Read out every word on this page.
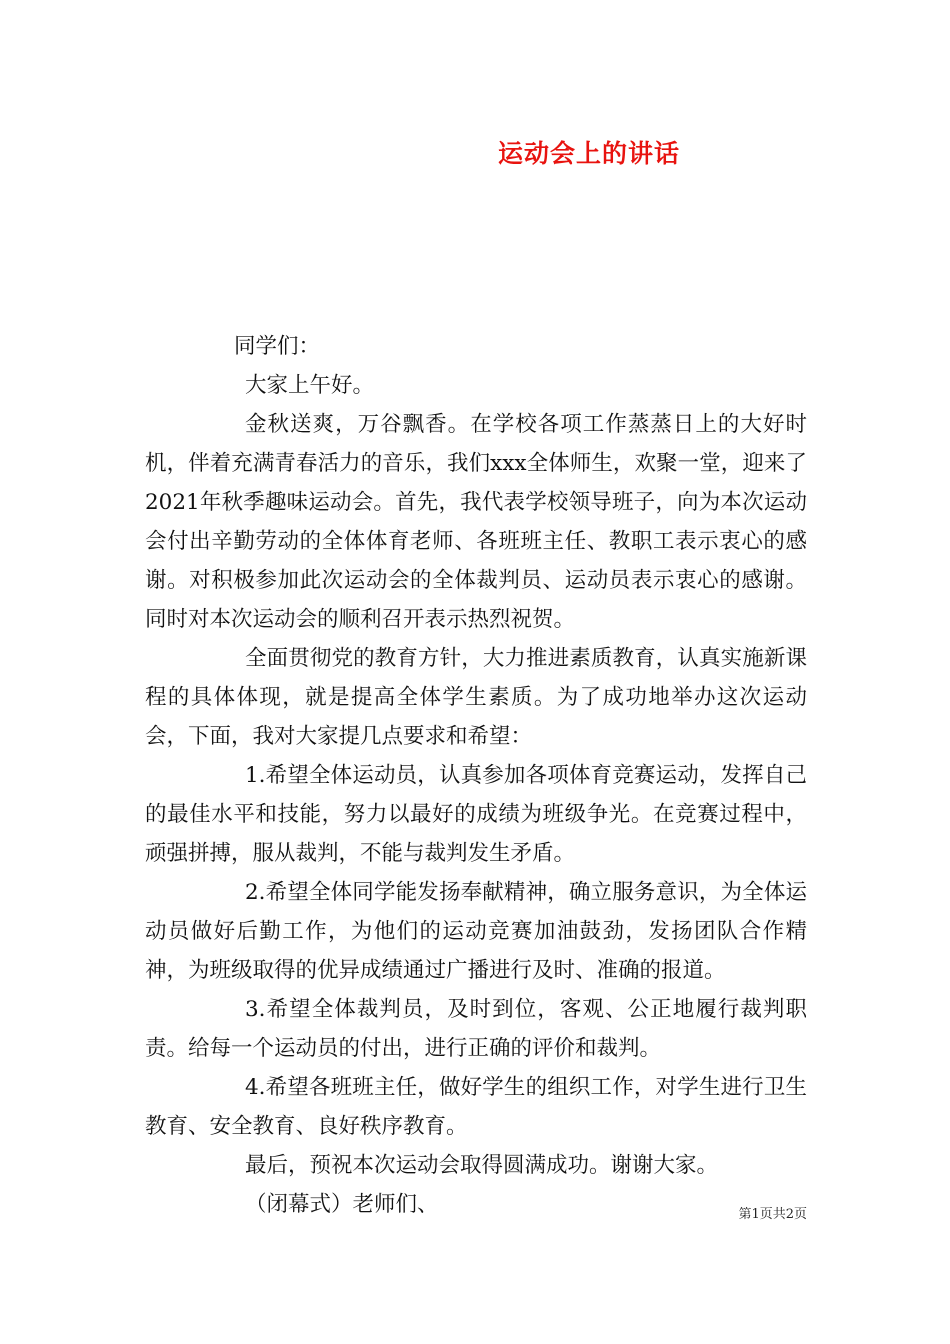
运动会上的讲话

同学们：

大家上午好。

金秋送爽，万谷飘香。在学校各项工作蒸蒸日上的大好时机，伴着充满青春活力的音乐，我们xxx全体师生，欢聚一堂，迎来了2021年秋季趣味运动会。首先，我代表学校领导班子，向为本次运动会付出辛勤劳动的全体体育老师、各班班主任、教职工表示衷心的感谢。对积极参加此次运动会的全体裁判员、运动员表示衷心的感谢。同时对本次运动会的顺利召开表示热烈祝贺。

全面贯彻党的教育方针，大力推进素质教育，认真实施新课程的具体体现，就是提高全体学生素质。为了成功地举办这次运动会，下面，我对大家提几点要求和希望：

1.希望全体运动员，认真参加各项体育竞赛运动，发挥自己的最佳水平和技能，努力以最好的成绩为班级争光。在竞赛过程中，顽强拼搏，服从裁判，不能与裁判发生矛盾。

2.希望全体同学能发扬奉献精神，确立服务意识，为全体运动员做好后勤工作，为他们的运动竞赛加油鼓劲，发扬团队合作精神，为班级取得的优异成绩通过广播进行及时、准确的报道。

3.希望全体裁判员，及时到位，客观、公正地履行裁判职责。给每一个运动员的付出，进行正确的评价和裁判。

4.希望各班班主任，做好学生的组织工作，对学生进行卫生教育、安全教育、良好秩序教育。

最后，预祝本次运动会取得圆满成功。谢谢大家。

（闭幕式）老师们、	第1页共2页
